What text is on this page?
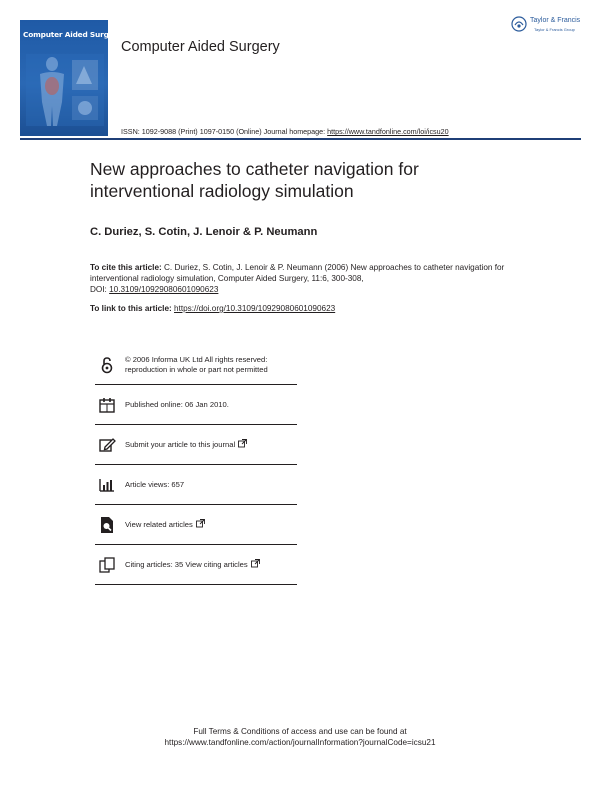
Computer Aided Surgery
Computer Aided Surgery
Taylor & Francis
Taylor & Francis Group
ISSN: 1092-9088 (Print) 1097-0150 (Online) Journal homepage: https://www.tandfonline.com/loi/icsu20
New approaches to catheter navigation for
interventional radiology simulation
C. Duriez, S. Cotin, J. Lenoir & P. Neumann
To cite this article: C. Duriez, S. Cotin, J. Lenoir & P. Neumann (2006) New approaches to catheter navigation for interventional radiology simulation, Computer Aided Surgery, 11:6, 300-308,
DOI: 10.3109/10929080601090623
To link to this article: https://doi.org/10.3109/10929080601090623
© 2006 Informa UK Ltd All rights reserved:
reproduction in whole or part not permitted
Published online: 06 Jan 2010.
Submit your article to this journal
Article views: 657
View related articles
Citing articles: 35 View citing articles
Full Terms & Conditions of access and use can be found at
https://www.tandfonline.com/action/journalInformation?journalCode=icsu21
